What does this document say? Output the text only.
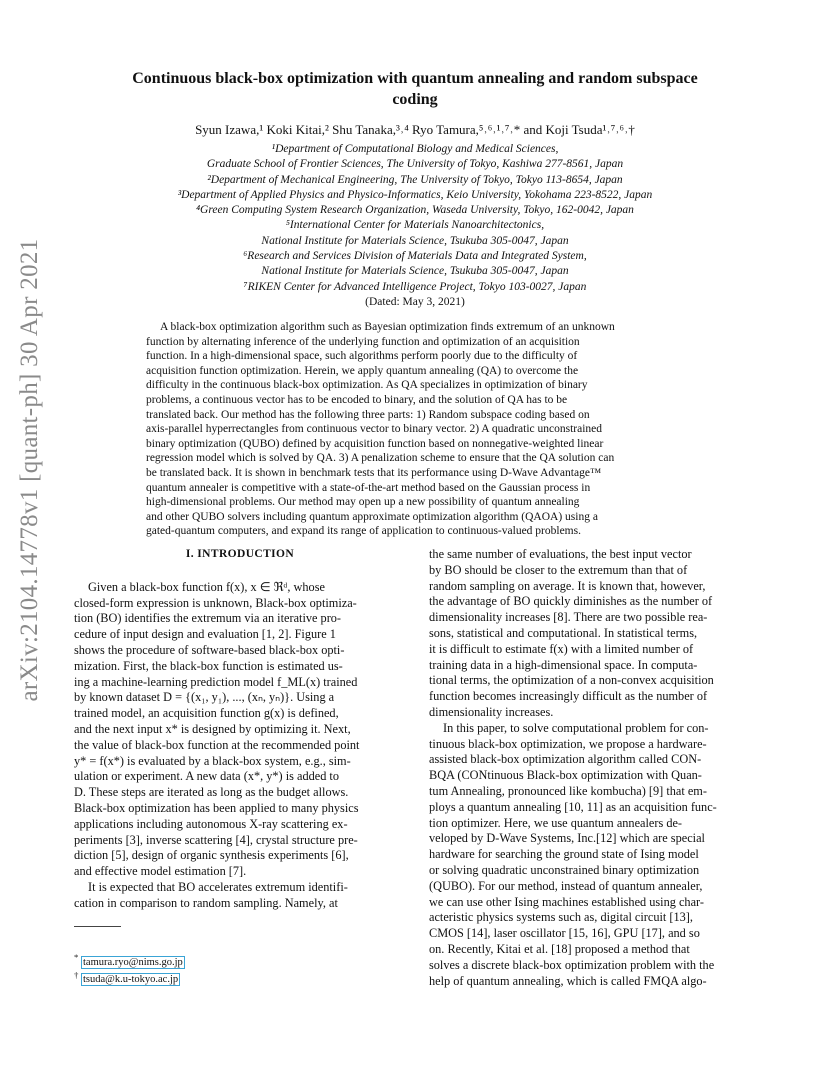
arXiv:2104.14778v1 [quant-ph] 30 Apr 2021
Continuous black-box optimization with quantum annealing and random subspace
coding
Syun Izawa,¹ Koki Kitai,² Shu Tanaka,³˒⁴ Ryo Tamura,⁵˒⁶˒¹˒⁷˒* and Koji Tsuda¹˒⁷˒⁶˒†
¹Department of Computational Biology and Medical Sciences,
Graduate School of Frontier Sciences, The University of Tokyo, Kashiwa 277-8561, Japan
²Department of Mechanical Engineering, The University of Tokyo, Tokyo 113-8654, Japan
³Department of Applied Physics and Physico-Informatics, Keio University, Yokohama 223-8522, Japan
⁴Green Computing System Research Organization, Waseda University, Tokyo, 162-0042, Japan
⁵International Center for Materials Nanoarchitectonics,
National Institute for Materials Science, Tsukuba 305-0047, Japan
⁶Research and Services Division of Materials Data and Integrated System,
National Institute for Materials Science, Tsukuba 305-0047, Japan
⁷RIKEN Center for Advanced Intelligence Project, Tokyo 103-0027, Japan
(Dated: May 3, 2021)
A black-box optimization algorithm such as Bayesian optimization finds extremum of an unknown
function by alternating inference of the underlying function and optimization of an acquisition
function. In a high-dimensional space, such algorithms perform poorly due to the difficulty of
acquisition function optimization. Herein, we apply quantum annealing (QA) to overcome the
difficulty in the continuous black-box optimization. As QA specializes in optimization of binary
problems, a continuous vector has to be encoded to binary, and the solution of QA has to be
translated back. Our method has the following three parts: 1) Random subspace coding based on
axis-parallel hyperrectangles from continuous vector to binary vector. 2) A quadratic unconstrained
binary optimization (QUBO) defined by acquisition function based on nonnegative-weighted linear
regression model which is solved by QA. 3) A penalization scheme to ensure that the QA solution can
be translated back. It is shown in benchmark tests that its performance using D-Wave Advantage™
quantum annealer is competitive with a state-of-the-art method based on the Gaussian process in
high-dimensional problems. Our method may open up a new possibility of quantum annealing
and other QUBO solvers including quantum approximate optimization algorithm (QAOA) using a
gated-quantum computers, and expand its range of application to continuous-valued problems.
I. INTRODUCTION
Given a black-box function f(x), x ∈ ℜᵈ, whose
closed-form expression is unknown, Black-box optimiza-
tion (BO) identifies the extremum via an iterative pro-
cedure of input design and evaluation [1, 2]. Figure 1
shows the procedure of software-based black-box opti-
mization. First, the black-box function is estimated us-
ing a machine-learning prediction model f_ML(x) trained
by known dataset D = {(x₁, y₁), ..., (xₙ, yₙ)}. Using a
trained model, an acquisition function g(x) is defined,
and the next input x* is designed by optimizing it. Next,
the value of black-box function at the recommended point
y* = f(x*) is evaluated by a black-box system, e.g., sim-
ulation or experiment. A new data (x*, y*) is added to
D. These steps are iterated as long as the budget allows.
Black-box optimization has been applied to many physics
applications including autonomous X-ray scattering ex-
periments [3], inverse scattering [4], crystal structure pre-
diction [5], design of organic synthesis experiments [6],
and effective model estimation [7].
It is expected that BO accelerates extremum identifi-
cation in comparison to random sampling. Namely, at
the same number of evaluations, the best input vector
by BO should be closer to the extremum than that of
random sampling on average. It is known that, however,
the advantage of BO quickly diminishes as the number of
dimensionality increases [8]. There are two possible rea-
sons, statistical and computational. In statistical terms,
it is difficult to estimate f(x) with a limited number of
training data in a high-dimensional space. In computa-
tional terms, the optimization of a non-convex acquisition
function becomes increasingly difficult as the number of
dimensionality increases.
In this paper, to solve computational problem for con-
tinuous black-box optimization, we propose a hardware-
assisted black-box optimization algorithm called CON-
BQA (CONtinuous Black-box optimization with Quan-
tum Annealing, pronounced like kombucha) [9] that em-
ploys a quantum annealing [10, 11] as an acquisition func-
tion optimizer. Here, we use quantum annealers de-
veloped by D-Wave Systems, Inc.[12] which are special
hardware for searching the ground state of Ising model
or solving quadratic unconstrained binary optimization
(QUBO). For our method, instead of quantum annealer,
we can use other Ising machines established using char-
acteristic physics systems such as, digital circuit [13],
CMOS [14], laser oscillator [15, 16], GPU [17], and so
on. Recently, Kitai et al. [18] proposed a method that
solves a discrete black-box optimization problem with the
help of quantum annealing, which is called FMQA algo-
* tamura.ryo@nims.go.jp
† tsuda@k.u-tokyo.ac.jp
